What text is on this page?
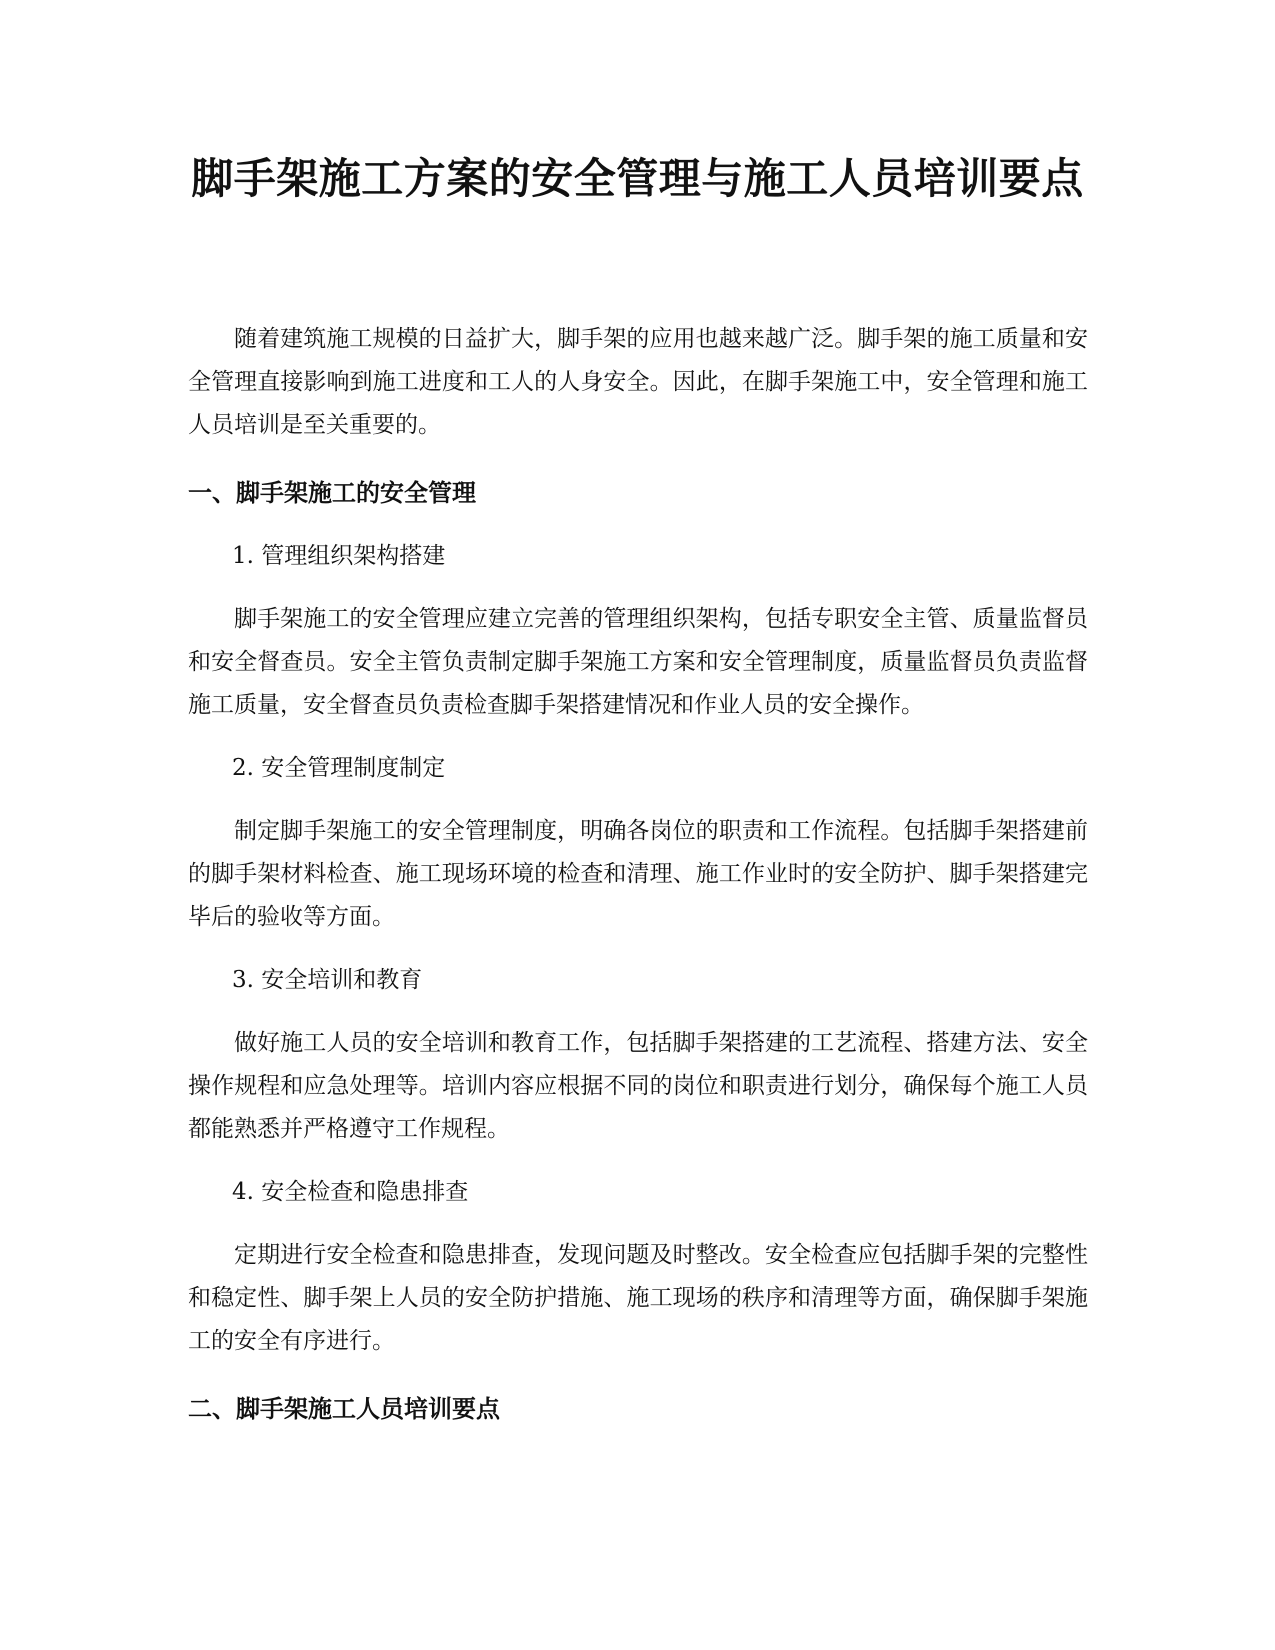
脚手架施工方案的安全管理与施工人员培训要点

随着建筑施工规模的日益扩大，脚手架的应用也越来越广泛。脚手架的施工质量和安全管理直接影响到施工进度和工人的人身安全。因此，在脚手架施工中，安全管理和施工人员培训是至关重要的。

一、脚手架施工的安全管理
1. 管理组织架构搭建

脚手架施工的安全管理应建立完善的管理组织架构，包括专职安全主管、质量监督员和安全督查员。安全主管负责制定脚手架施工方案和安全管理制度，质量监督员负责监督施工质量，安全督查员负责检查脚手架搭建情况和作业人员的安全操作。

2. 安全管理制度制定

制定脚手架施工的安全管理制度，明确各岗位的职责和工作流程。包括脚手架搭建前的脚手架材料检查、施工现场环境的检查和清理、施工作业时的安全防护、脚手架搭建完毕后的验收等方面。

3. 安全培训和教育

做好施工人员的安全培训和教育工作，包括脚手架搭建的工艺流程、搭建方法、安全操作规程和应急处理等。培训内容应根据不同的岗位和职责进行划分，确保每个施工人员都能熟悉并严格遵守工作规程。

4. 安全检查和隐患排查

定期进行安全检查和隐患排查，发现问题及时整改。安全检查应包括脚手架的完整性和稳定性、脚手架上人员的安全防护措施、施工现场的秩序和清理等方面，确保脚手架施工的安全有序进行。

二、脚手架施工人员培训要点
